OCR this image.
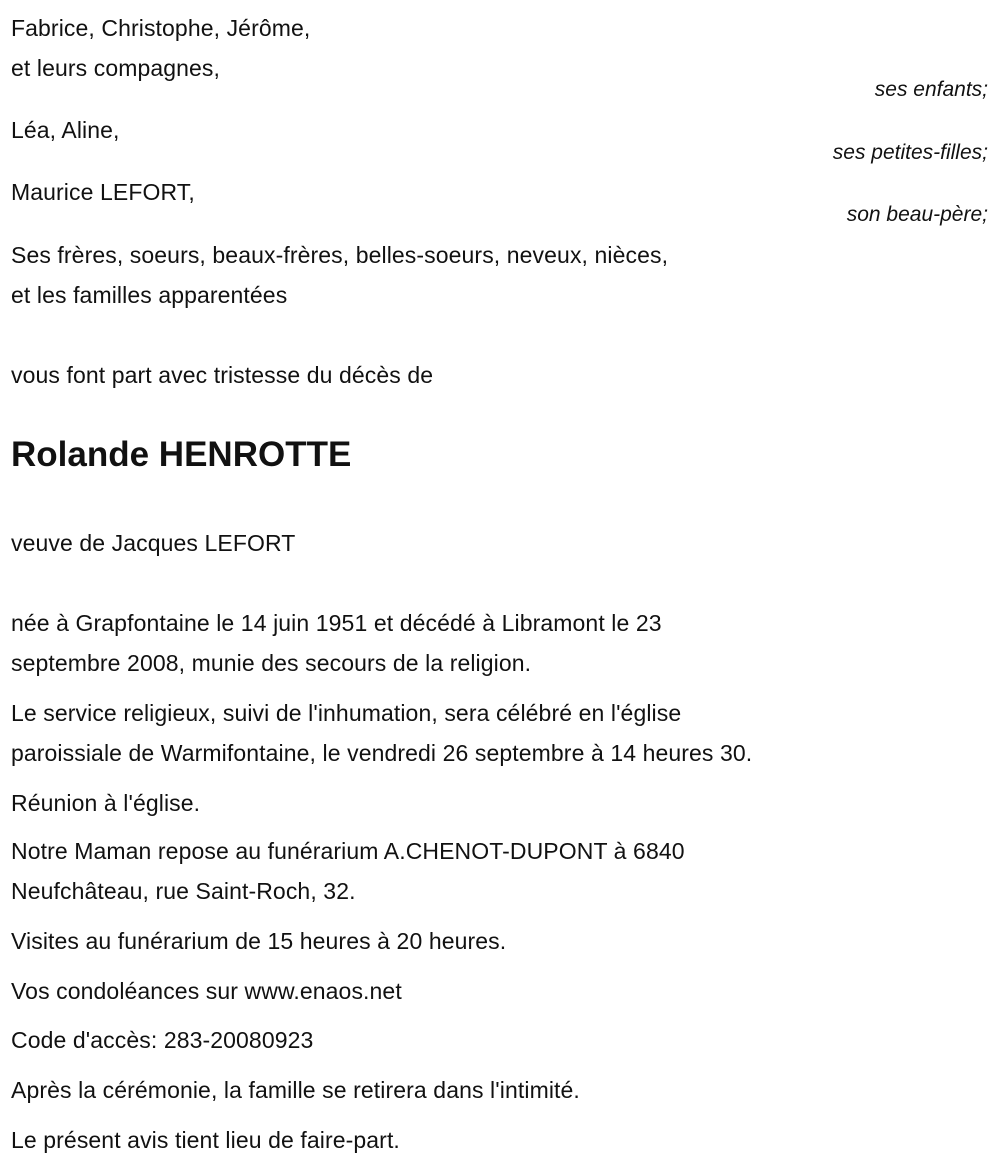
Fabrice, Christophe, Jérôme,
et leurs compagnes,
ses enfants;
Léa, Aline,
ses petites-filles;
Maurice LEFORT,
son beau-père;
Ses frères, soeurs, beaux-frères, belles-soeurs, neveux, nièces,
et les familles apparentées
vous font part avec tristesse du décès de
Rolande HENROTTE
veuve de Jacques LEFORT
née à Grapfontaine le 14 juin 1951 et décédé à Libramont le 23
septembre 2008, munie des secours de la religion.
Le service religieux, suivi de l'inhumation, sera célébré en l'église
paroissiale de Warmifontaine, le vendredi 26 septembre à 14 heures 30.
Réunion à l'église.
Notre Maman repose au funérarium A.CHENOT-DUPONT à 6840
Neufchâteau, rue Saint-Roch, 32.
Visites au funérarium de 15 heures à 20 heures.
Vos condoléances sur www.enaos.net
Code d'accès: 283-20080923
Après la cérémonie, la famille se retirera dans l'intimité.
Le présent avis tient lieu de faire-part.
